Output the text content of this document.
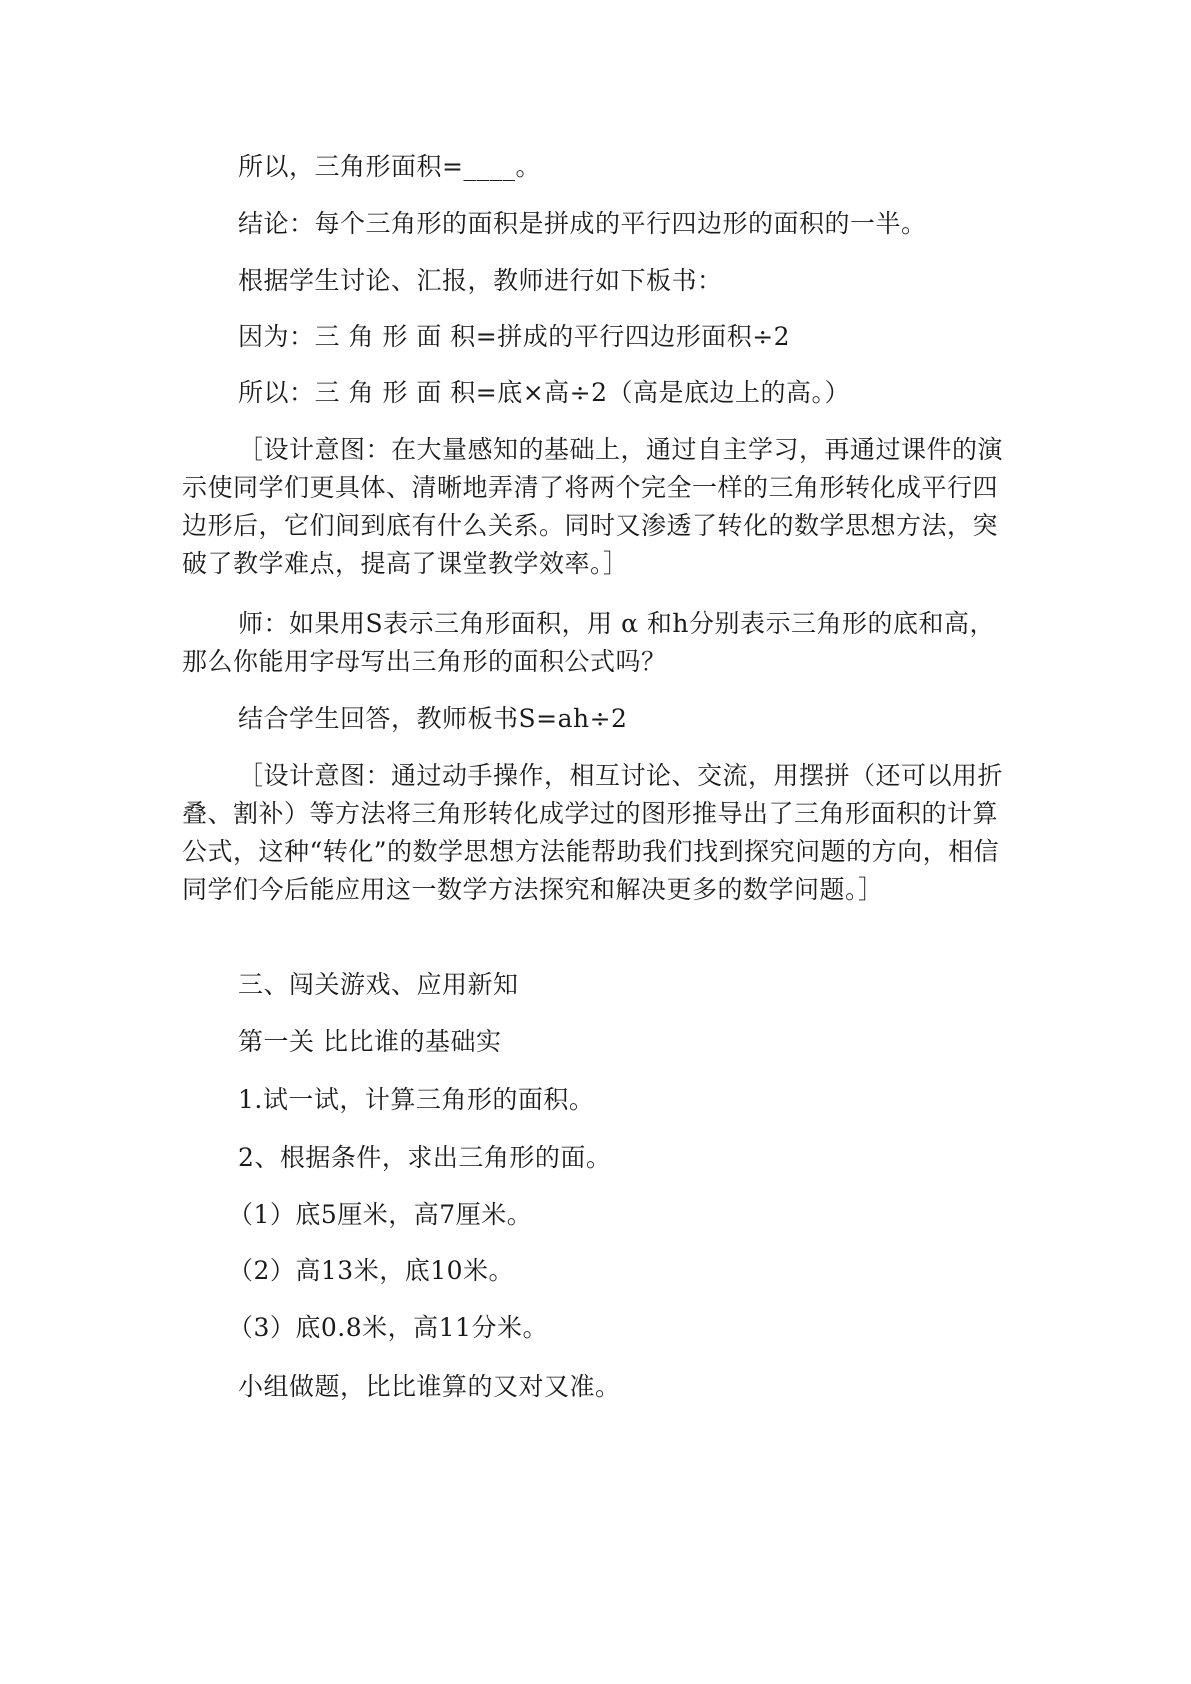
所以，三角形面积=____。

结论：每个三角形的面积是拼成的平行四边形的面积的一半。

根据学生讨论、汇报，教师进行如下板书：

因为：三 角 形 面 积=拼成的平行四边形面积÷2

所以：三 角 形 面 积=底×高÷2（高是底边上的高。）

［设计意图：在大量感知的基础上，通过自主学习，再通过课件的演示使同学们更具体、清晰地弄清了将两个完全一样的三角形转化成平行四边形后，它们间到底有什么关系。同时又渗透了转化的数学思想方法，突破了教学难点，提高了课堂教学效率。］

师：如果用S表示三角形面积，用 α 和h分别表示三角形的底和高，那么你能用字母写出三角形的面积公式吗？

结合学生回答，教师板书S=ah÷2

［设计意图：通过动手操作，相互讨论、交流，用摆拼（还可以用折叠、割补）等方法将三角形转化成学过的图形推导出了三角形面积的计算公式，这种“转化”的数学思想方法能帮助我们找到探究问题的方向，相信同学们今后能应用这一数学方法探究和解决更多的数学问题。］

三、闯关游戏、应用新知

第一关 比比谁的基础实

1.试一试，计算三角形的面积。

2、根据条件，求出三角形的面。

（1）底5厘米，高7厘米。

（2）高13米，底10米。

（3）底0.8米，高11分米。

小组做题，比比谁算的又对又准。
